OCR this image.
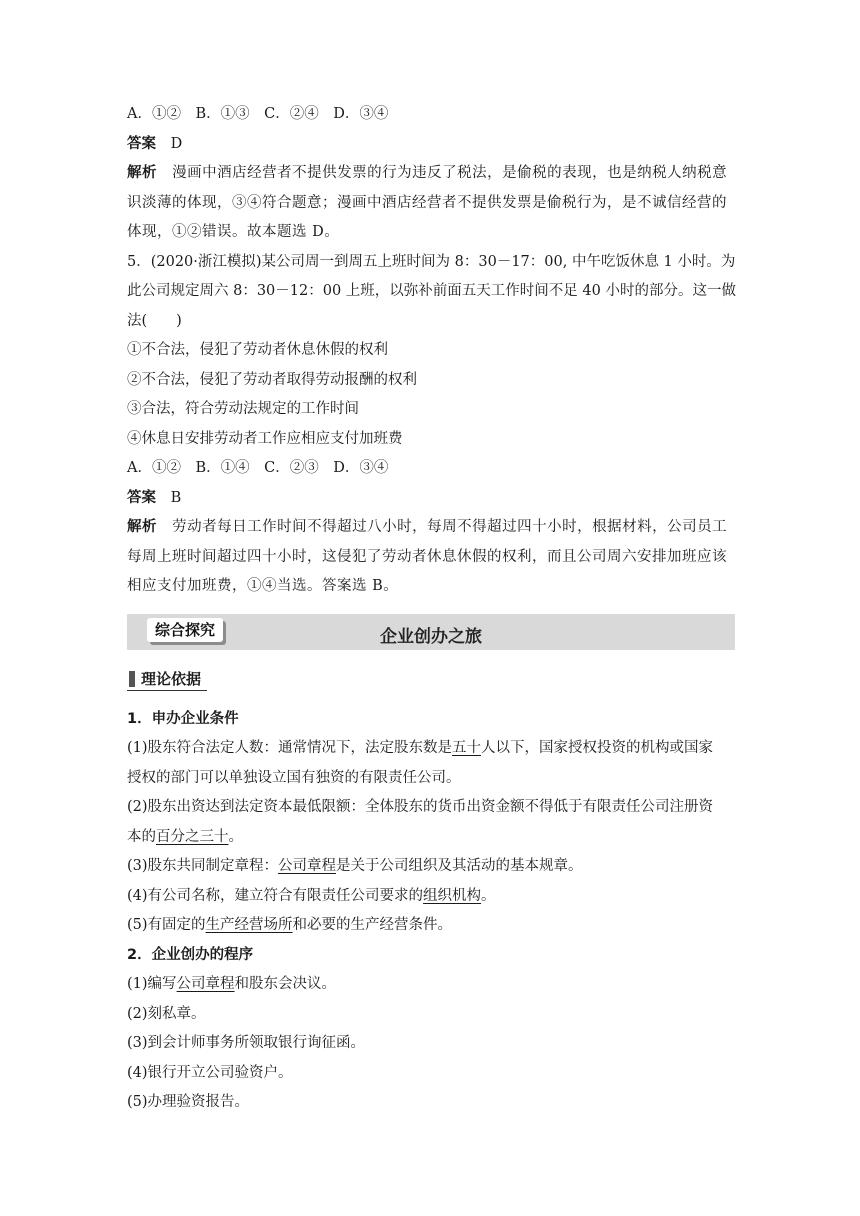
A．①②　B．①③　C．②④　D．③④
答案 D
解析 漫画中酒店经营者不提供发票的行为违反了税法，是偷税的表现，也是纳税人纳税意
识淡薄的体现，③④符合题意；漫画中酒店经营者不提供发票是偷税行为，是不诚信经营的
体现，①②错误。故本题选 D。
5．(2020·浙江模拟)某公司周一到周五上班时间为 8：30－17：00, 中午吃饭休息 1 小时。为
此公司规定周六 8：30－12：00 上班，以弥补前面五天工作时间不足 40 小时的部分。这一做
法(　　)
①不合法，侵犯了劳动者休息休假的权利
②不合法，侵犯了劳动者取得劳动报酬的权利
③合法，符合劳动法规定的工作时间
④休息日安排劳动者工作应相应支付加班费
A．①②　B．①④　C．②③　D．③④
答案 B
解析 劳动者每日工作时间不得超过八小时，每周不得超过四十小时，根据材料，公司员工
每周上班时间超过四十小时，这侵犯了劳动者休息休假的权利，而且公司周六安排加班应该
相应支付加班费，①④当选。答案选 B。
综合探究	企业创办之旅
理论依据
1．申办企业条件
(1)股东符合法定人数：通常情况下，法定股东数是五十人以下，国家授权投资的机构或国家
授权的部门可以单独设立国有独资的有限责任公司。
(2)股东出资达到法定资本最低限额：全体股东的货币出资金额不得低于有限责任公司注册资
本的百分之三十。
(3)股东共同制定章程：公司章程是关于公司组织及其活动的基本规章。
(4)有公司名称，建立符合有限责任公司要求的组织机构。
(5)有固定的生产经营场所和必要的生产经营条件。
2．企业创办的程序
(1)编写公司章程和股东会决议。
(2)刻私章。
(3)到会计师事务所领取银行询征函。
(4)银行开立公司验资户。
(5)办理验资报告。
